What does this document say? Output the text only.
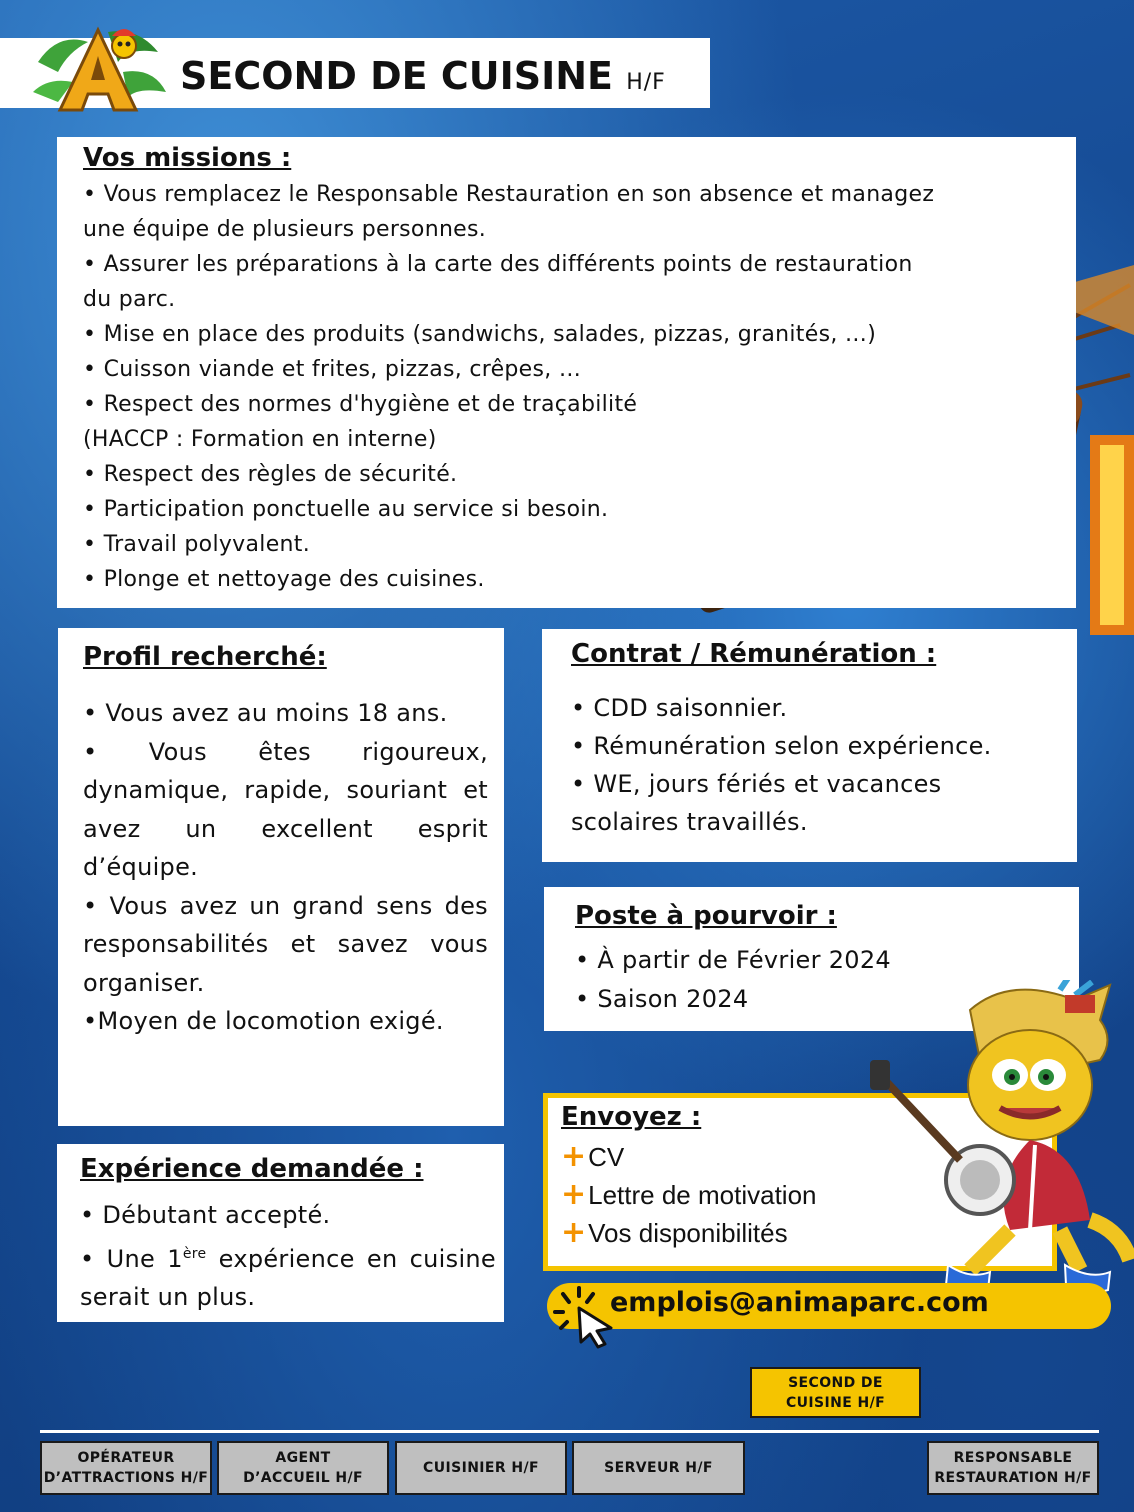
SECOND DE CUISINE H/F
Vos missions :
• Vous remplacez le Responsable Restauration en son absence et managez
une équipe de plusieurs personnes.
• Assurer les préparations à la carte des différents points de restauration
du parc.
• Mise en place des produits (sandwichs, salades, pizzas, granités, …)
• Cuisson viande et frites, pizzas, crêpes, …
• Respect des normes d'hygiène et de traçabilité
(HACCP : Formation en interne)
• Respect des règles de sécurité.
• Participation ponctuelle au service si besoin.
• Travail polyvalent.
• Plonge et nettoyage des cuisines.
Profil recherché:
• Vous avez au moins 18 ans.
• Vous êtes rigoureux, dynamique, rapide, souriant et avez un excellent esprit d’équipe.
• Vous avez un grand sens des responsabilités et savez vous organiser.
•Moyen de locomotion exigé.
Contrat / Rémunération :
• CDD saisonnier.
• Rémunération selon expérience.
• WE, jours fériés et vacances scolaires travaillés.
Poste à pourvoir :
• À partir de Février 2024
• Saison 2024
Expérience demandée :
• Débutant accepté.
• Une 1ère expérience en cuisine serait un plus.
Envoyez :
+ CV
+ Lettre de motivation
+ Vos disponibilités
emplois@animaparc.com
SECOND DE
CUISINE H/F
OPÉRATEUR
D’ATTRACTIONS H/F
AGENT
D’ACCUEIL H/F
CUISINIER H/F	SERVEUR H/F
RESPONSABLE
RESTAURATION H/F
